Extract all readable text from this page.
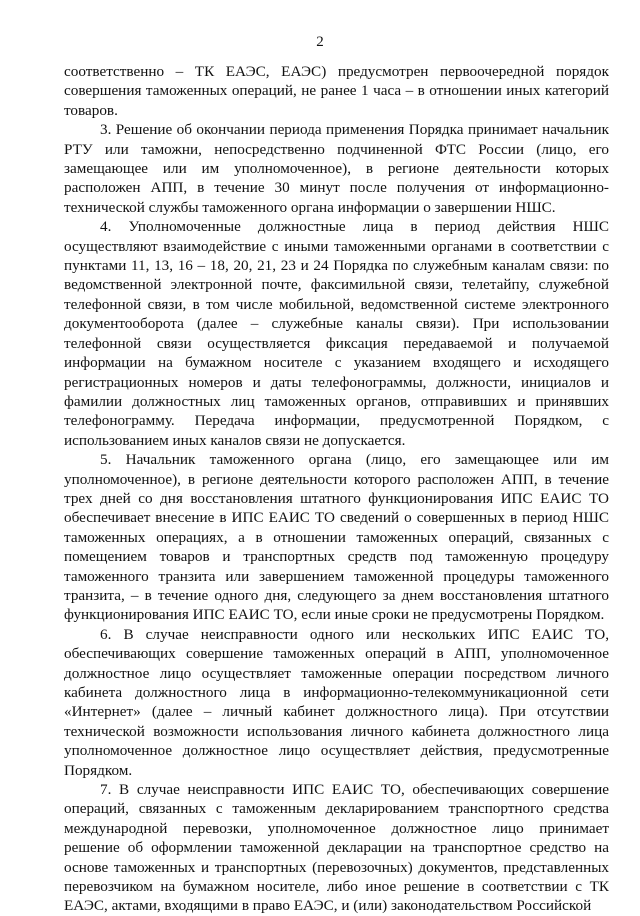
2

соответственно – ТК ЕАЭС, ЕАЭС) предусмотрен первоочередной порядок совершения таможенных операций, не ранее 1 часа – в отношении иных категорий товаров.

3. Решение об окончании периода применения Порядка принимает начальник РТУ или таможни, непосредственно подчиненной ФТС России (лицо, его замещающее или им уполномоченное), в регионе деятельности которых расположен АПП, в течение 30 минут после получения от информационно-технической службы таможенного органа информации о завершении НШС.

4. Уполномоченные должностные лица в период действия НШС осуществляют взаимодействие с иными таможенными органами в соответствии с пунктами 11, 13, 16 – 18, 20, 21, 23 и 24 Порядка по служебным каналам связи: по ведомственной электронной почте, факсимильной связи, телетайпу, служебной телефонной связи, в том числе мобильной, ведомственной системе электронного документооборота (далее – служебные каналы связи). При использовании телефонной связи осуществляется фиксация передаваемой и получаемой информации на бумажном носителе с указанием входящего и исходящего регистрационных номеров и даты телефонограммы, должности, инициалов и фамилии должностных лиц таможенных органов, отправивших и принявших телефонограмму. Передача информации, предусмотренной Порядком, с использованием иных каналов связи не допускается.

5. Начальник таможенного органа (лицо, его замещающее или им уполномоченное), в регионе деятельности которого расположен АПП, в течение трех дней со дня восстановления штатного функционирования ИПС ЕАИС ТО обеспечивает внесение в ИПС ЕАИС ТО сведений о совершенных в период НШС таможенных операциях, а в отношении таможенных операций, связанных с помещением товаров и транспортных средств под таможенную процедуру таможенного транзита или завершением таможенной процедуры таможенного транзита, – в течение одного дня, следующего за днем восстановления штатного функционирования ИПС ЕАИС ТО, если иные сроки не предусмотрены Порядком.

6. В случае неисправности одного или нескольких ИПС ЕАИС ТО, обеспечивающих совершение таможенных операций в АПП, уполномоченное должностное лицо осуществляет таможенные операции посредством личного кабинета должностного лица в информационно-телекоммуникационной сети «Интернет» (далее – личный кабинет должностного лица). При отсутствии технической возможности использования личного кабинета должностного лица уполномоченное должностное лицо осуществляет действия, предусмотренные Порядком.

7. В случае неисправности ИПС ЕАИС ТО, обеспечивающих совершение операций, связанных с таможенным декларированием транспортного средства международной перевозки, уполномоченное должностное лицо принимает решение об оформлении таможенной декларации на транспортное средство на основе таможенных и транспортных (перевозочных) документов, представленных перевозчиком на бумажном носителе, либо иное решение в соответствии с ТК ЕАЭС, актами, входящими в право ЕАЭС, и (или) законодательством Российской
